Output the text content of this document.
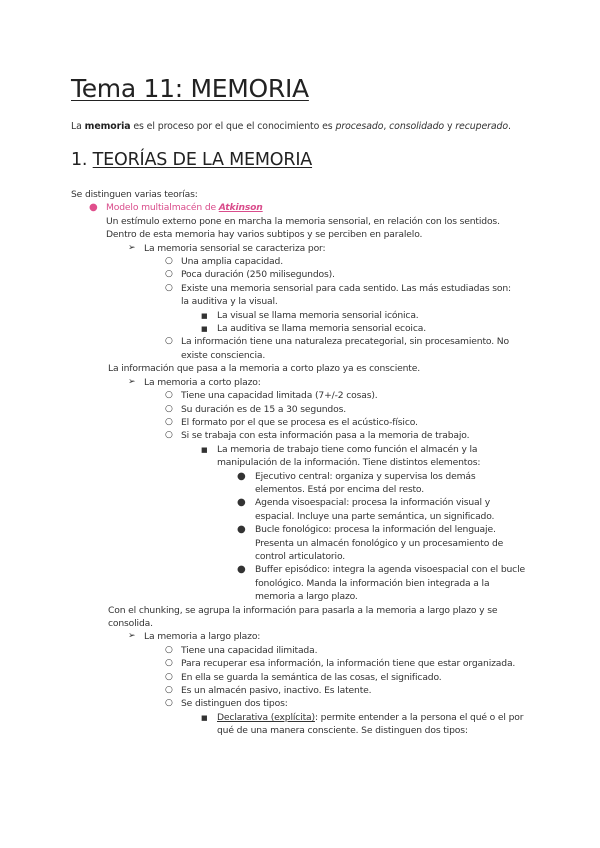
Tema 11: MEMORIA
La memoria es el proceso por el que el conocimiento es procesado, consolidado y recuperado.
1. TEORÍAS DE LA MEMORIA
Se distinguen varias teorías:
● Modelo multialmacén de Atkinson
Un estímulo externo pone en marcha la memoria sensorial, en relación con los sentidos.
Dentro de esta memoria hay varios subtipos y se perciben en paralelo.
➢ La memoria sensorial se caracteriza por:
○ Una amplia capacidad.
○ Poca duración (250 milisegundos).
○ Existe una memoria sensorial para cada sentido. Las más estudiadas son:
la auditiva y la visual.
■ La visual se llama memoria sensorial icónica.
■ La auditiva se llama memoria sensorial ecoica.
○ La información tiene una naturaleza precategorial, sin procesamiento. No
existe consciencia.
La información que pasa a la memoria a corto plazo ya es consciente.
➢ La memoria a corto plazo:
○ Tiene una capacidad limitada (7+/-2 cosas).
○ Su duración es de 15 a 30 segundos.
○ El formato por el que se procesa es el acústico-físico.
○ Si se trabaja con esta información pasa a la memoria de trabajo.
■ La memoria de trabajo tiene como función el almacén y la
manipulación de la información. Tiene distintos elementos:
● Ejecutivo central: organiza y supervisa los demás
elementos. Está por encima del resto.
● Agenda visoespacial: procesa la información visual y
espacial. Incluye una parte semántica, un significado.
● Bucle fonológico: procesa la información del lenguaje.
Presenta un almacén fonológico y un procesamiento de
control articulatorio.
● Buffer episódico: integra la agenda visoespacial con el bucle
fonológico. Manda la información bien integrada a la
memoria a largo plazo.
Con el chunking, se agrupa la información para pasarla a la memoria a largo plazo y se
consolida.
➢ La memoria a largo plazo:
○ Tiene una capacidad ilimitada.
○ Para recuperar esa información, la información tiene que estar organizada.
○ En ella se guarda la semántica de las cosas, el significado.
○ Es un almacén pasivo, inactivo. Es latente.
○ Se distinguen dos tipos:
■ Declarativa (explícita): permite entender a la persona el qué o el por
qué de una manera consciente. Se distinguen dos tipos:
